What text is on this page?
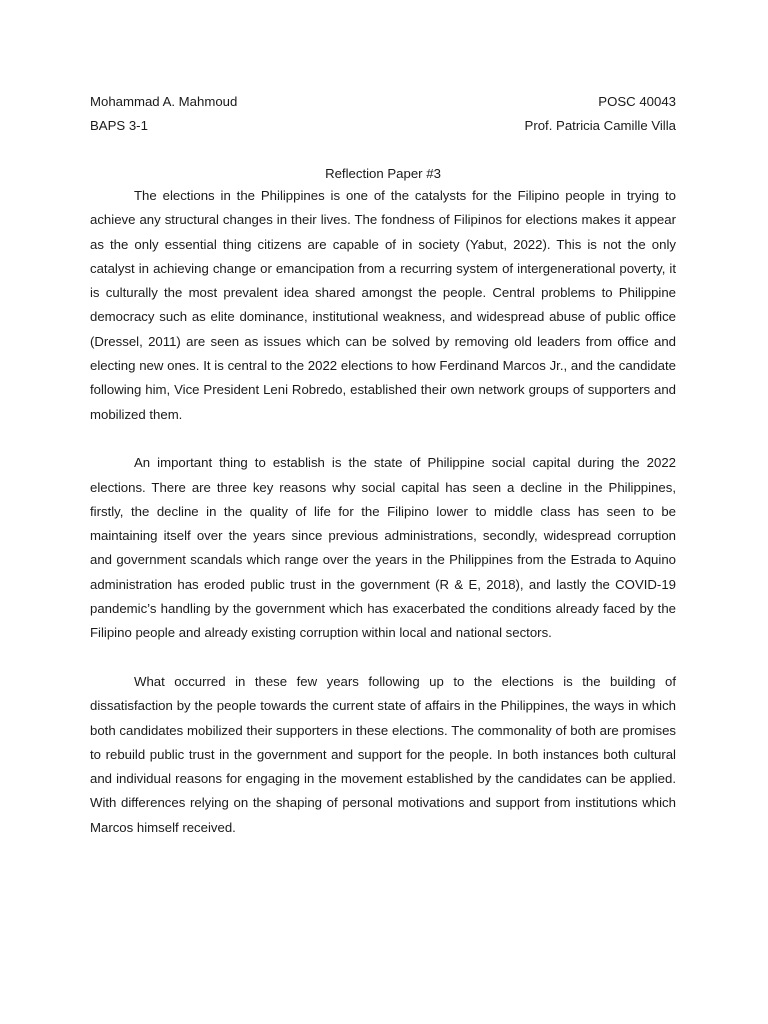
Mohammad A. Mahmoud	POSC 40043
BAPS 3-1	Prof. Patricia Camille Villa
Reflection Paper #3

The elections in the Philippines is one of the catalysts for the Filipino people in trying to achieve any structural changes in their lives. The fondness of Filipinos for elections makes it appear as the only essential thing citizens are capable of in society (Yabut, 2022). This is not the only catalyst in achieving change or emancipation from a recurring system of intergenerational poverty, it is culturally the most prevalent idea shared amongst the people. Central problems to Philippine democracy such as elite dominance, institutional weakness, and widespread abuse of public office (Dressel, 2011) are seen as issues which can be solved by removing old leaders from office and electing new ones. It is central to the 2022 elections to how Ferdinand Marcos Jr., and the candidate following him, Vice President Leni Robredo, established their own network groups of supporters and mobilized them.

An important thing to establish is the state of Philippine social capital during the 2022 elections. There are three key reasons why social capital has seen a decline in the Philippines, firstly, the decline in the quality of life for the Filipino lower to middle class has seen to be maintaining itself over the years since previous administrations, secondly, widespread corruption and government scandals which range over the years in the Philippines from the Estrada to Aquino administration has eroded public trust in the government (R & E, 2018), and lastly the COVID-19 pandemic’s handling by the government which has exacerbated the conditions already faced by the Filipino people and already existing corruption within local and national sectors.

What occurred in these few years following up to the elections is the building of dissatisfaction by the people towards the current state of affairs in the Philippines, the ways in which both candidates mobilized their supporters in these elections. The commonality of both are promises to rebuild public trust in the government and support for the people. In both instances both cultural and individual reasons for engaging in the movement established by the candidates can be applied. With differences relying on the shaping of personal motivations and support from institutions which Marcos himself received.
